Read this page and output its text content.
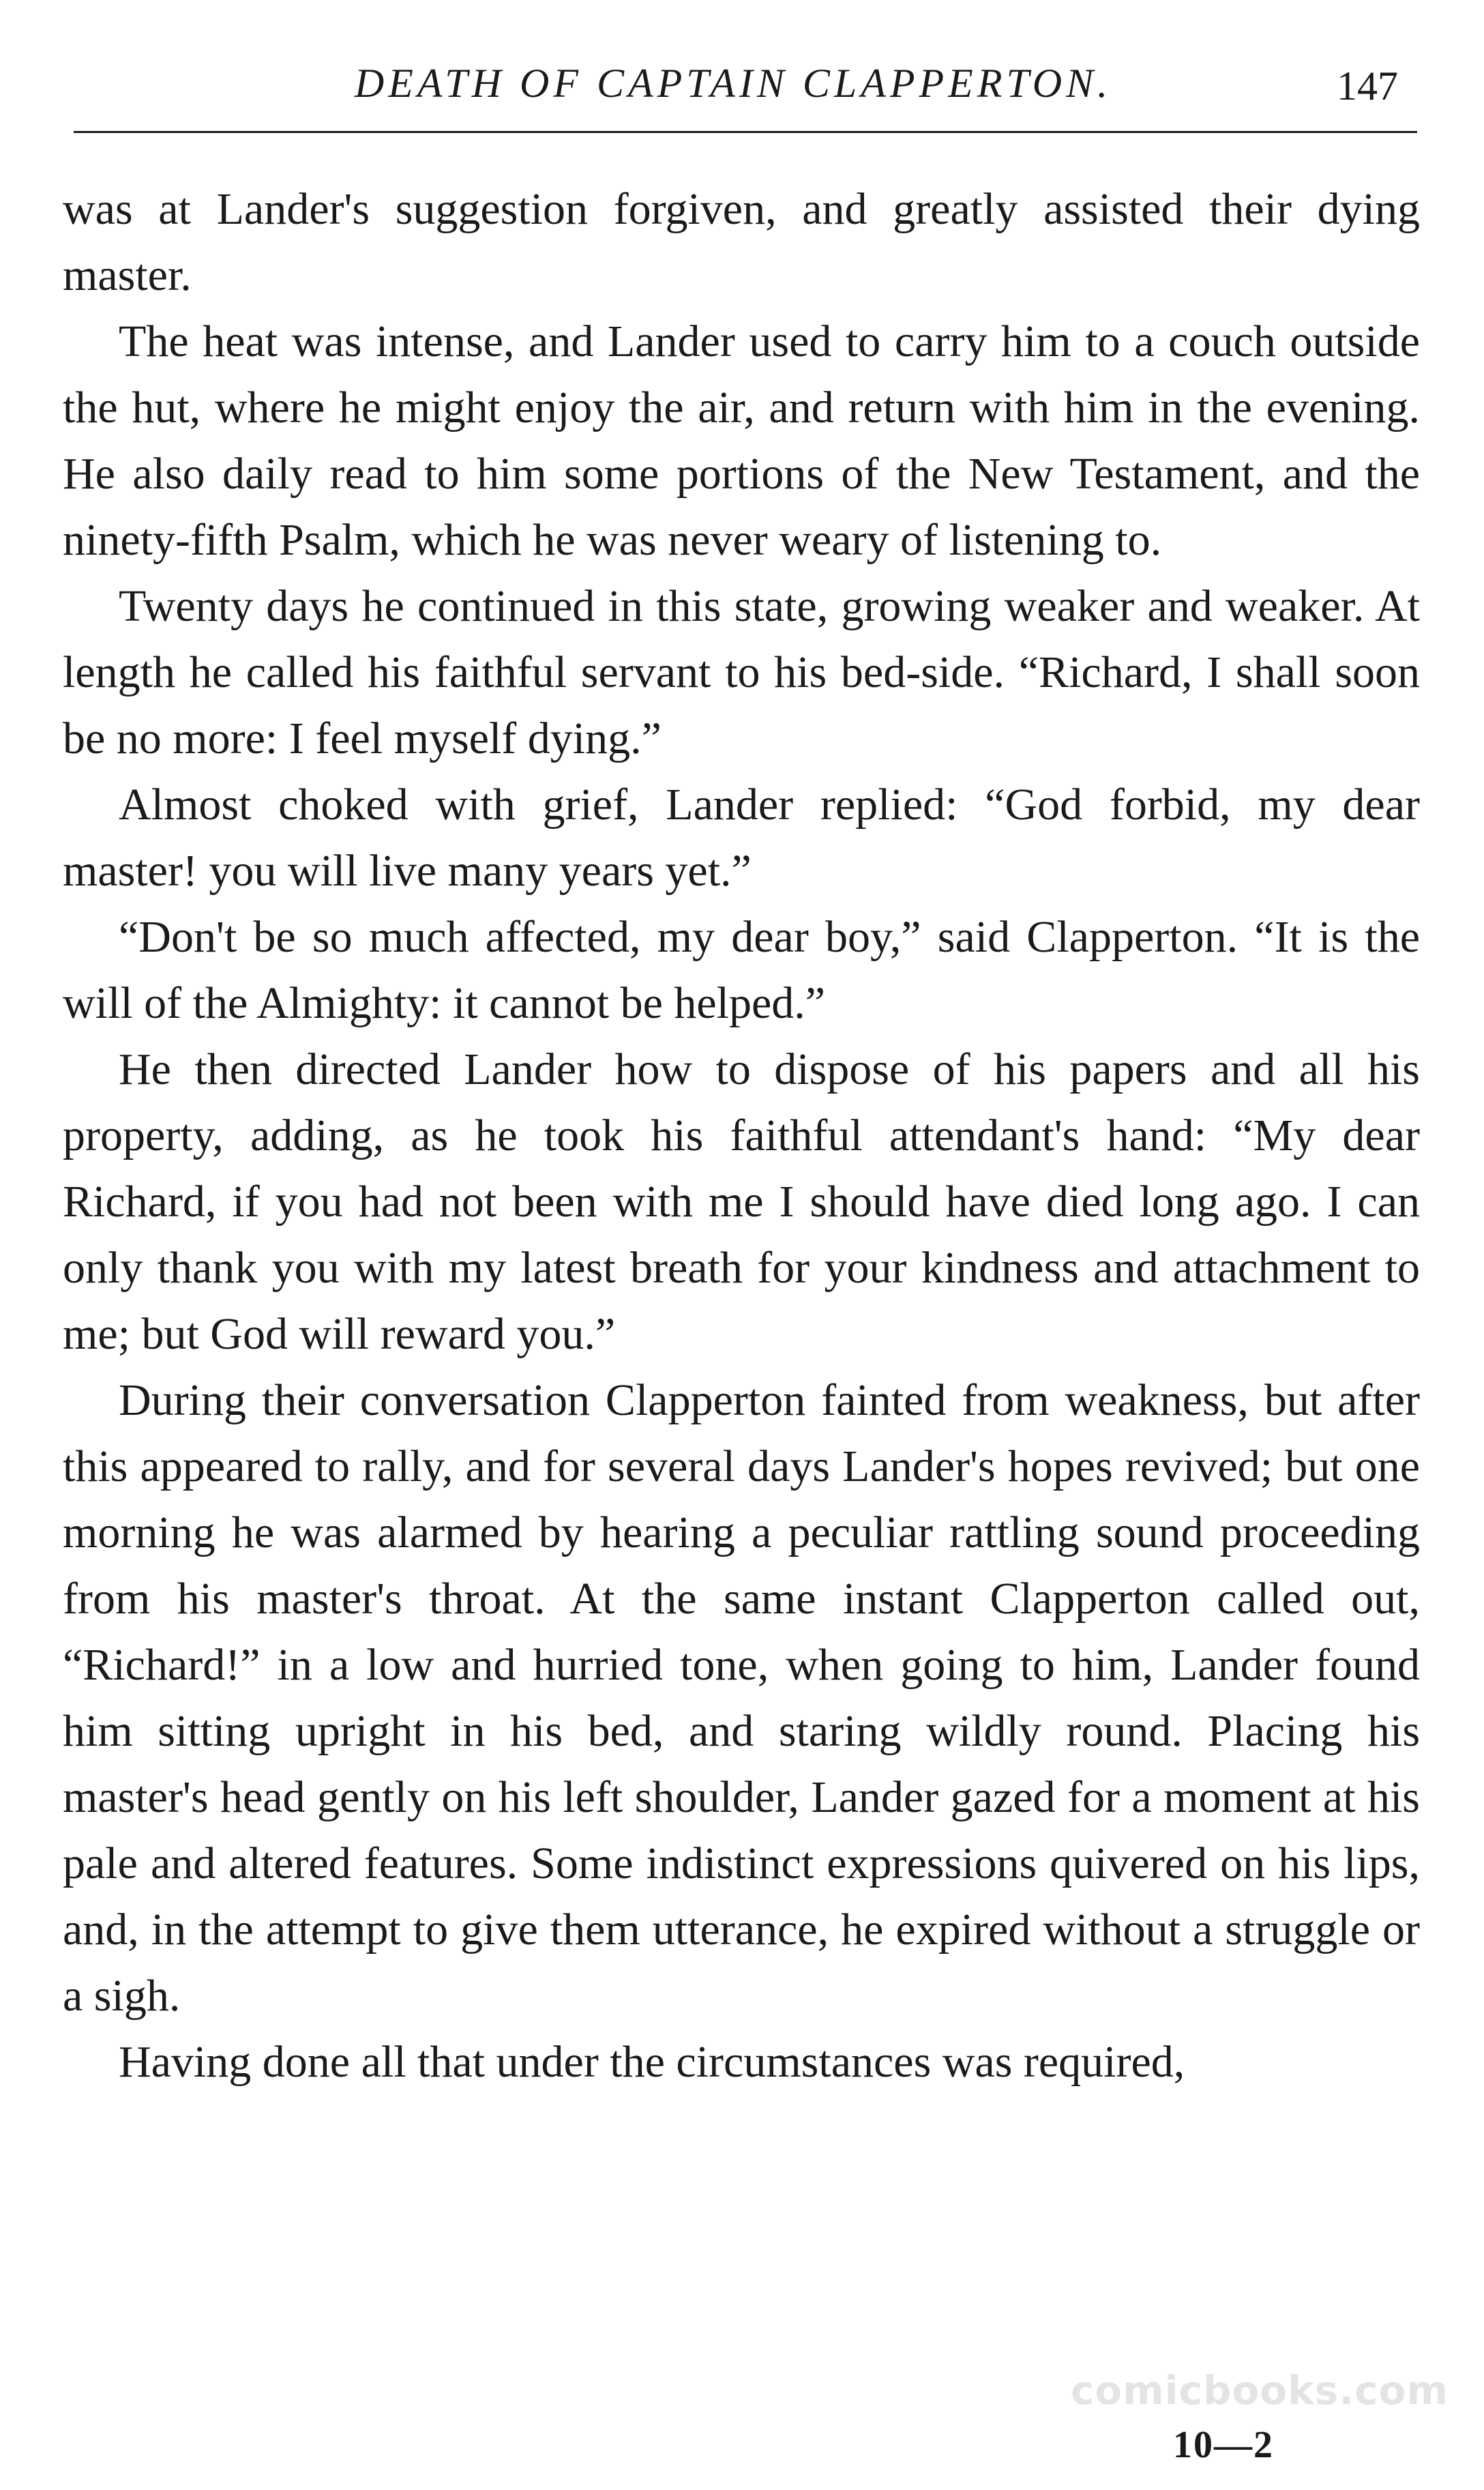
DEATH OF CAPTAIN CLAPPERTON.	147

was at Lander's suggestion forgiven, and greatly assisted their dying master.

The heat was intense, and Lander used to carry him to a couch outside the hut, where he might enjoy the air, and return with him in the evening. He also daily read to him some portions of the New Testament, and the ninety-fifth Psalm, which he was never weary of listening to.

Twenty days he continued in this state, growing weaker and weaker. At length he called his faithful servant to his bed-side. “Richard, I shall soon be no more: I feel myself dying.”

Almost choked with grief, Lander replied: “God forbid, my dear master! you will live many years yet.”

“Don't be so much affected, my dear boy,” said Clapperton. “It is the will of the Almighty: it cannot be helped.”

He then directed Lander how to dispose of his papers and all his property, adding, as he took his faithful attendant's hand: “My dear Richard, if you had not been with me I should have died long ago. I can only thank you with my latest breath for your kindness and attachment to me; but God will reward you.”

During their conversation Clapperton fainted from weakness, but after this appeared to rally, and for several days Lander's hopes revived; but one morning he was alarmed by hearing a peculiar rattling sound proceeding from his master's throat. At the same instant Clapperton called out, “Richard!” in a low and hurried tone, when going to him, Lander found him sitting upright in his bed, and staring wildly round. Placing his master's head gently on his left shoulder, Lander gazed for a moment at his pale and altered features. Some indistinct expressions quivered on his lips, and, in the attempt to give them utterance, he expired without a struggle or a sigh.

Having done all that under the circumstances was required,

comicbooks.com
10—2
